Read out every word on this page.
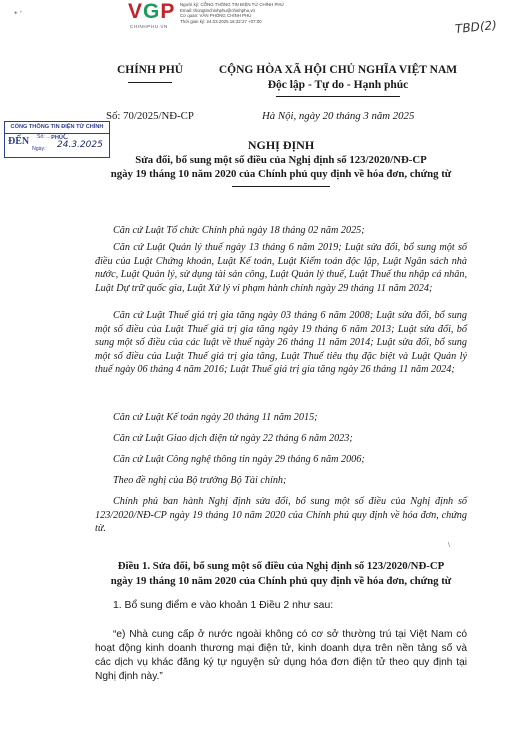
* ʼ	VGP
CHINHPHU.VN
Người ký: CỔNG THÔNG TIN ĐIỆN TỬ CHÍNH PHỦ
Email: thongtinchinhphu@chinhphu.vn
Cơ quan: VĂN PHÒNG CHÍNH PHỦ
Thời gian ký: 24.03.2025 16:32:27 +07:00	TBD(2)
CHÍNH PHỦ	CỘNG HÒA XÃ HỘI CHỦ NGHĨA VIỆT NAM
Độc lập - Tự do - Hạnh phúc
Số: 70/2025/NĐ-CP	Hà Nội, ngày 20 tháng 3 năm 2025
CỔNG THÔNG TIN ĐIỆN TỬ CHÍNH PHỦ
ĐẾN Số: ... C
Ngày: 24.3.2025	NGHỊ ĐỊNH
Sửa đổi, bổ sung một số điều của Nghị định số 123/2020/NĐ-CP
ngày 19 tháng 10 năm 2020 của Chính phủ quy định về hóa đơn, chứng từ
Căn cứ Luật Tổ chức Chính phủ ngày 18 tháng 02 năm 2025;
Căn cứ Luật Quản lý thuế ngày 13 tháng 6 năm 2019; Luật sửa đổi, bổ sung một số điều của Luật Chứng khoán, Luật Kế toán, Luật Kiểm toán độc lập, Luật Ngân sách nhà nước, Luật Quản lý, sử dụng tài sản công, Luật Quản lý thuế, Luật Thuế thu nhập cá nhân, Luật Dự trữ quốc gia, Luật Xử lý vi phạm hành chính ngày 29 tháng 11 năm 2024;
Căn cứ Luật Thuế giá trị gia tăng ngày 03 tháng 6 năm 2008; Luật sửa đổi, bổ sung một số điều của Luật Thuế giá trị gia tăng ngày 19 tháng 6 năm 2013; Luật sửa đổi, bổ sung một số điều của các luật về thuế ngày 26 tháng 11 năm 2014; Luật sửa đổi, bổ sung một số điều của Luật Thuế giá trị gia tăng, Luật Thuế tiêu thụ đặc biệt và Luật Quản lý thuế ngày 06 tháng 4 năm 2016; Luật Thuế giá trị gia tăng ngày 26 tháng 11 năm 2024;
Căn cứ Luật Kế toán ngày 20 tháng 11 năm 2015;
Căn cứ Luật Giao dịch điện tử ngày 22 tháng 6 năm 2023;
Căn cứ Luật Công nghệ thông tin ngày 29 tháng 6 năm 2006;
Theo đề nghị của Bộ trưởng Bộ Tài chính;
Chính phủ ban hành Nghị định sửa đổi, bổ sung một số điều của Nghị định số 123/2020/NĐ-CP ngày 19 tháng 10 năm 2020 của Chính phủ quy định về hóa đơn, chứng từ.
\
Điều 1. Sửa đổi, bổ sung một số điều của Nghị định số 123/2020/NĐ-CP
ngày 19 tháng 10 năm 2020 của Chính phủ quy định về hóa đơn, chứng từ
1. Bổ sung điểm e vào khoản 1 Điều 2 như sau:
“e) Nhà cung cấp ở nước ngoài không có cơ sở thường trú tại Việt Nam có hoạt động kinh doanh thương mại điện tử, kinh doanh dựa trên nền tảng số và các dịch vụ khác đăng ký tự nguyện sử dụng hóa đơn điện tử theo quy định tại Nghị định này.”
